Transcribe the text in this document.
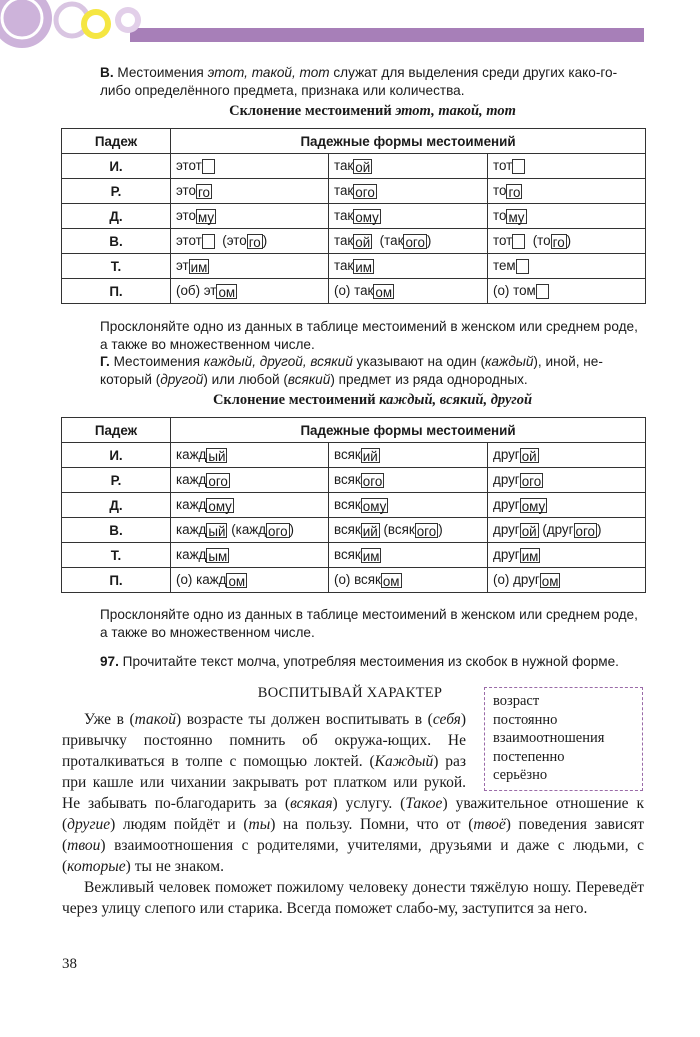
В. Местоимения этот, такой, тот служат для выделения среди других како-го-либо определённого предмета, признака или количества.

Склонение местоимений этот, такой, тот
Падеж	Падежные формы местоимений		
И.	этот	так ой	тот
Р.	это го	так ого	то го
Д.	это му	так ому	то му
В.	этот  (это го )	так ой  (так ого )	тот  (то го )
Т.	эт им	так им	тем
П.	(об) эт ом	(о) так ом	(о) том

Просклоняйте одно из данных в таблице местоимений в женском или среднем роде, а также во множественном числе.

Г. Местоимения каждый, другой, всякий указывают на один (каждый), иной, не-который (другой) или любой (всякий) предмет из ряда однородных.

Склонение местоимений каждый, всякий, другой
Падеж	Падежные формы местоимений		
И.	кажд ый	всяк ий	друг ой
Р.	кажд ого	всяк ого	друг ого
Д.	кажд ому	всяк ому	друг ому
В.	кажд ый (кажд ого )	всяк ий (всяк ого )	друг ой (друг ого )
Т.	кажд ым	всяк им	друг им
П.	(о) кажд ом	(о) всяк ом	(о) друг ом

Просклоняйте одно из данных в таблице местоимений в женском или среднем роде, а также во множественном числе.

97. Прочитайте текст молча, употребляя местоимения из скобок в нужной форме.

ВОСПИТЫВАЙ ХАРАКТЕР	возраст
постоянно
взаимоотношения
постепенно
серьёзно

Уже в (такой) возрасте ты должен воспитывать в (себя) привычку постоянно помнить об окружа-ющих. Не проталкиваться в толпе с помощью локтей. (Каждый) раз при кашле или чихании закрывать рот платком или рукой. Не забывать по-благодарить за (всякая) услугу. (Такое) уважительное отношение к (другие) людям пойдёт и (ты) на пользу. Помни, что от (твоё) поведения зависят (твои) взаимоотношения с родителями, учителями, друзьями и даже с людьми, с (которые) ты не знаком.

Вежливый человек поможет пожилому человеку донести тяжёлую ношу. Переведёт через улицу слепого или старика. Всегда поможет слабо-му, заступится за него.

38
